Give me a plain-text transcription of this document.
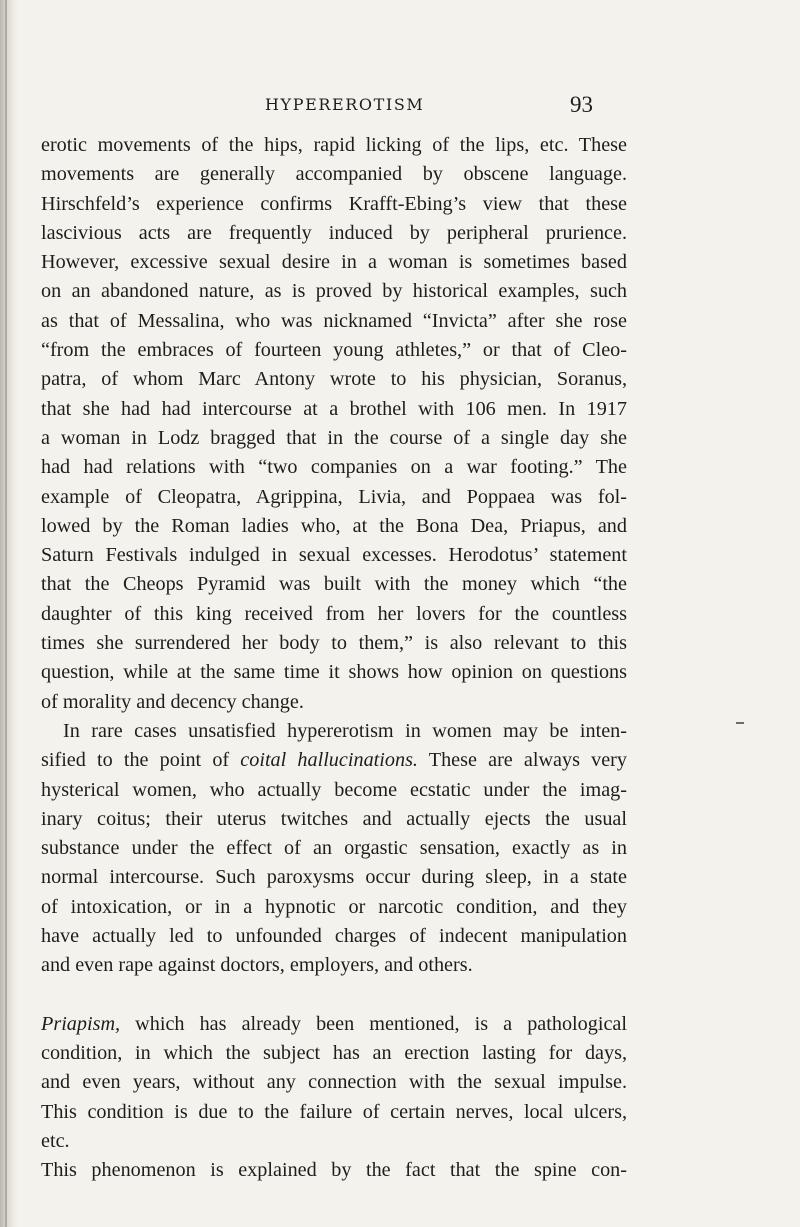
HYPEREROTISM	93
erotic movements of the hips, rapid licking of the lips, etc. These
movements are generally accompanied by obscene language.
Hirschfeld’s experience confirms Krafft-Ebing’s view that these
lascivious acts are frequently induced by peripheral prurience.
However, excessive sexual desire in a woman is sometimes based
on an abandoned nature, as is proved by historical examples, such
as that of Messalina, who was nicknamed “Invicta” after she rose
“from the embraces of fourteen young athletes,” or that of Cleo-
patra, of whom Marc Antony wrote to his physician, Soranus,
that she had had intercourse at a brothel with 106 men. In 1917
a woman in Lodz bragged that in the course of a single day she
had had relations with “two companies on a war footing.” The
example of Cleopatra, Agrippina, Livia, and Poppaea was fol-
lowed by the Roman ladies who, at the Bona Dea, Priapus, and
Saturn Festivals indulged in sexual excesses. Herodotus’ statement
that the Cheops Pyramid was built with the money which “the
daughter of this king received from her lovers for the countless
times she surrendered her body to them,” is also relevant to this
question, while at the same time it shows how opinion on questions
of morality and decency change.
In rare cases unsatisfied hypererotism in women may be inten-
sified to the point of coital hallucinations. These are always very
hysterical women, who actually become ecstatic under the imag-
inary coitus; their uterus twitches and actually ejects the usual
substance under the effect of an orgastic sensation, exactly as in
normal intercourse. Such paroxysms occur during sleep, in a state
of intoxication, or in a hypnotic or narcotic condition, and they
have actually led to unfounded charges of indecent manipulation
and even rape against doctors, employers, and others.
Priapism, which has already been mentioned, is a pathological
condition, in which the subject has an erection lasting for days,
and even years, without any connection with the sexual impulse.
This condition is due to the failure of certain nerves, local ulcers,
etc.
This phenomenon is explained by the fact that the spine con-
